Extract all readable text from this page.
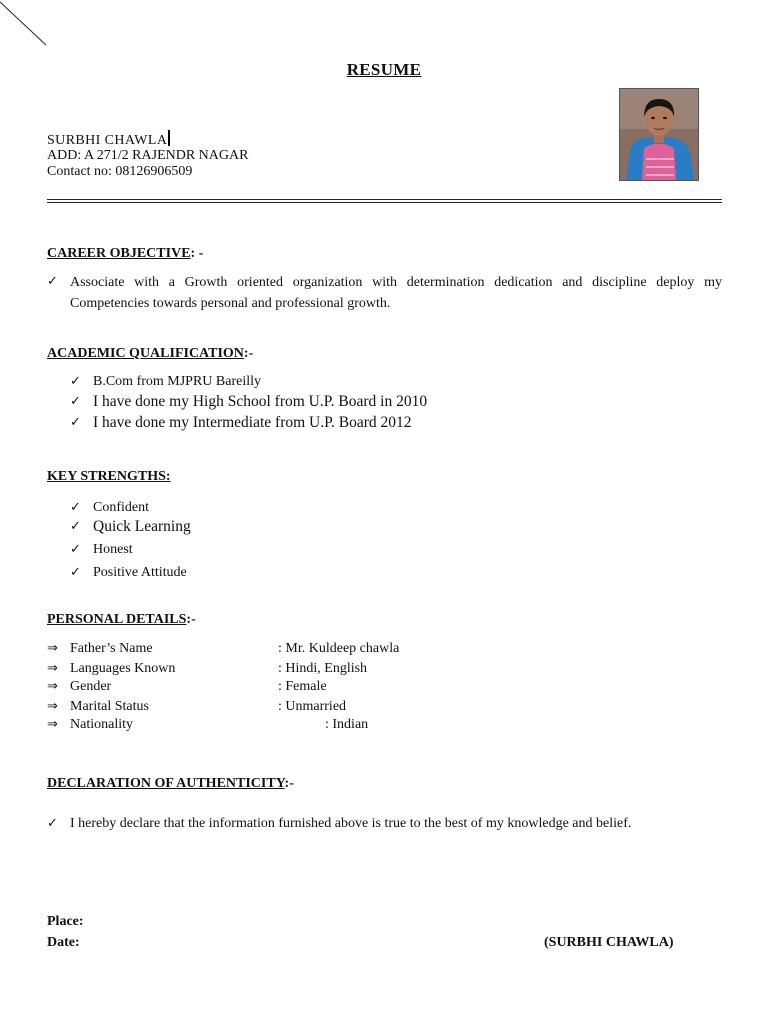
RESUME
SURBHI CHAWLA
ADD: A 271/2 RAJENDR NAGAR
Contact no: 08126906509
CAREER OBJECTIVE: -
✓ Associate with a Growth oriented organization with determination dedication and discipline deploy my Competencies towards personal and professional growth.
ACADEMIC QUALIFICATION:-
✓ B.Com from MJPRU Bareilly
✓ I have done my High School from U.P. Board in 2010
✓ I have done my Intermediate from U.P. Board 2012
KEY STRENGTHS:
✓ Confident
✓ Quick Learning
✓ Honest
✓ Positive Attitude
PERSONAL DETAILS:-
⇒ Father’s Name	: Mr. Kuldeep chawla
⇒ Languages Known	: Hindi, English
⇒ Gender	: Female
⇒ Marital Status	: Unmarried
⇒ Nationality	: Indian
DECLARATION OF AUTHENTICITY:-
✓ I hereby declare that the information furnished above is true to the best of my knowledge and belief.
Place:
Date:	(SURBHI CHAWLA)
